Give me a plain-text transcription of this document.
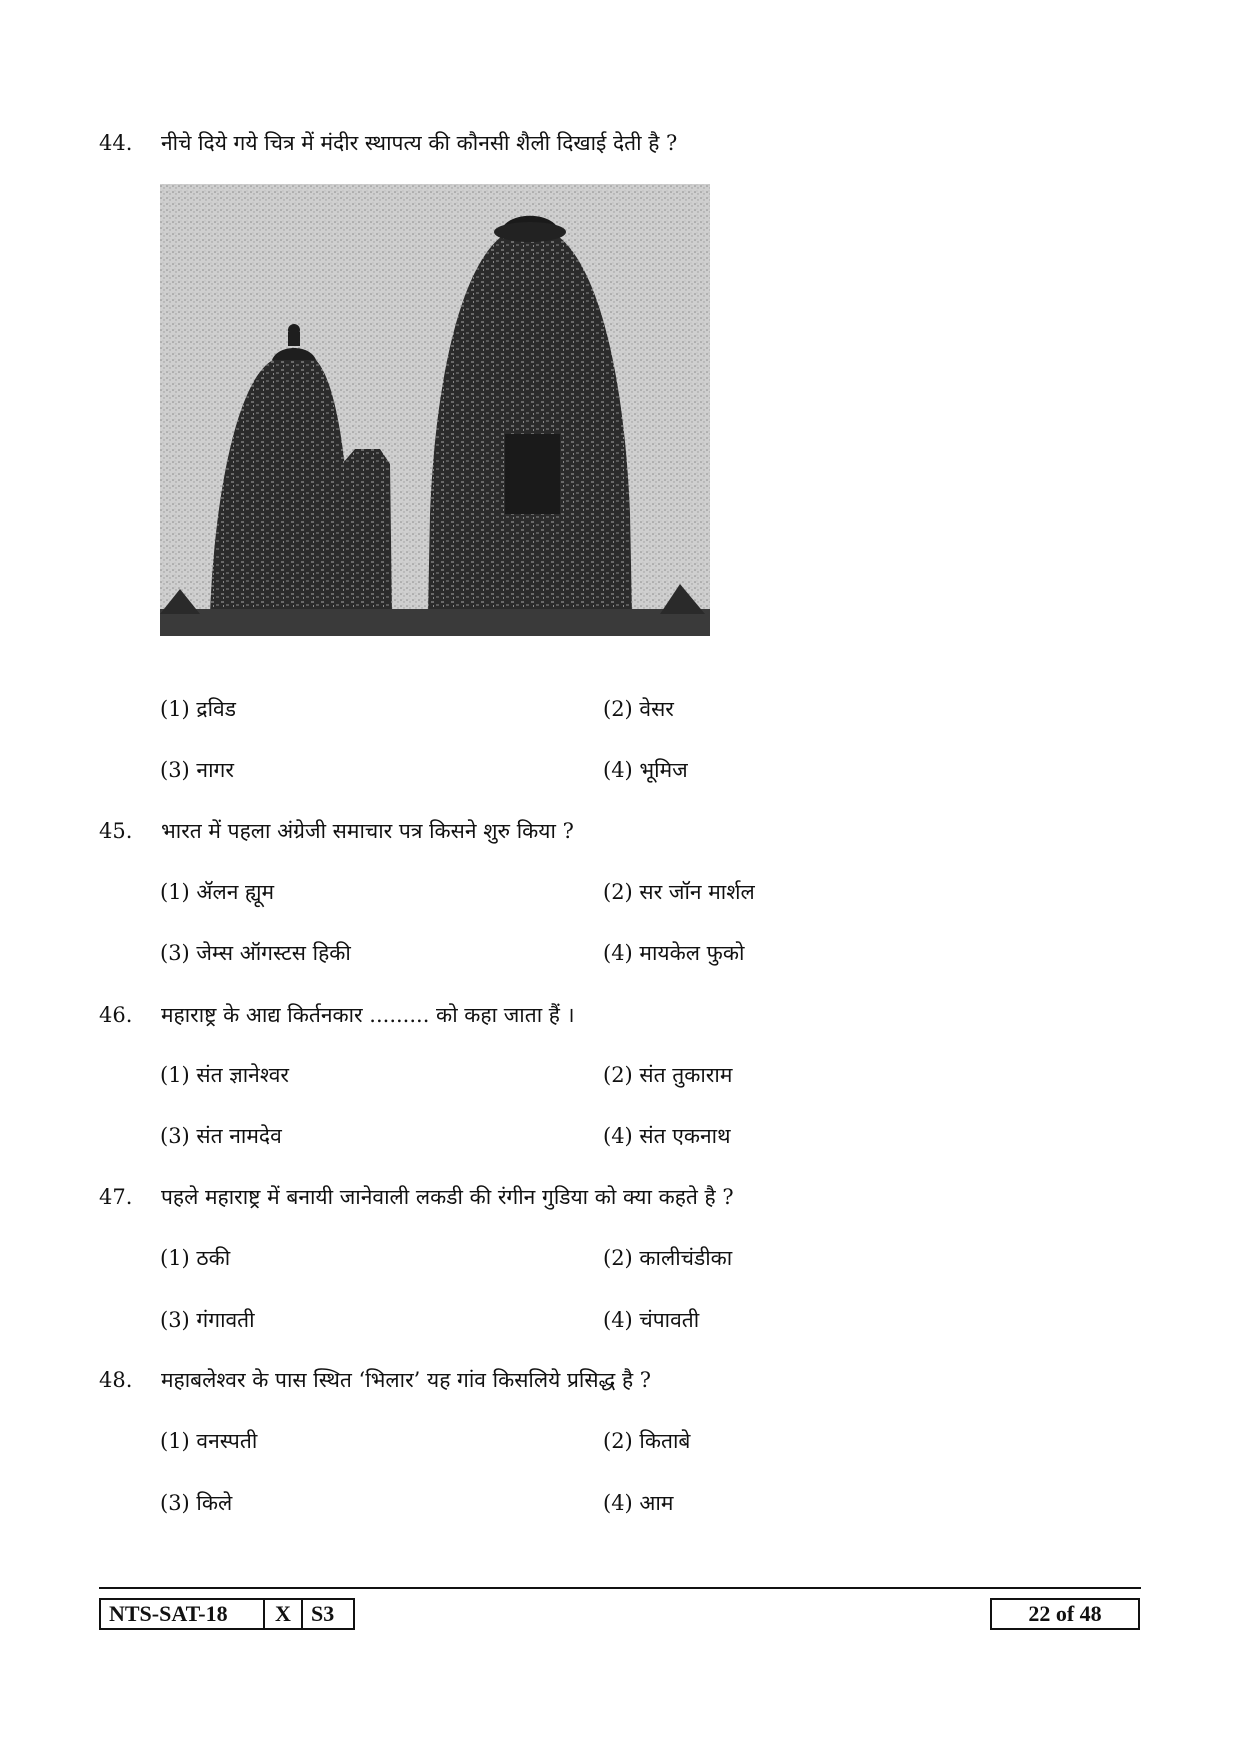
44. नीचे दिये गये चित्र में मंदीर स्थापत्य की कौनसी शैली दिखाई देती है ?
(1) द्रविड	(2) वेसर
(3) नागर	(4) भूमिज
45. भारत में पहला अंग्रेजी समाचार पत्र किसने शुरु किया ?
(1) ॲलन ह्यूम	(2) सर जॉन मार्शल
(3) जेम्स ऑगस्टस हिकी	(4) मायकेल फुको
46. महाराष्ट्र के आद्य किर्तनकार ......... को कहा जाता हैं ।
(1) संत ज्ञानेश्वर	(2) संत तुकाराम
(3) संत नामदेव	(4) संत एकनाथ
47. पहले महाराष्ट्र में बनायी जानेवाली लकडी की रंगीन गुडिया को क्या कहते है ?
(1) ठकी	(2) कालीचंडीका
(3) गंगावती	(4) चंपावती
48. महाबलेश्वर के पास स्थित ‘भिलार’ यह गांव किसलिये प्रसिद्ध है ?
(1) वनस्पती	(2) किताबे
(3) किले	(4) आम
NTS-SAT-18	X S3	22 of 48
